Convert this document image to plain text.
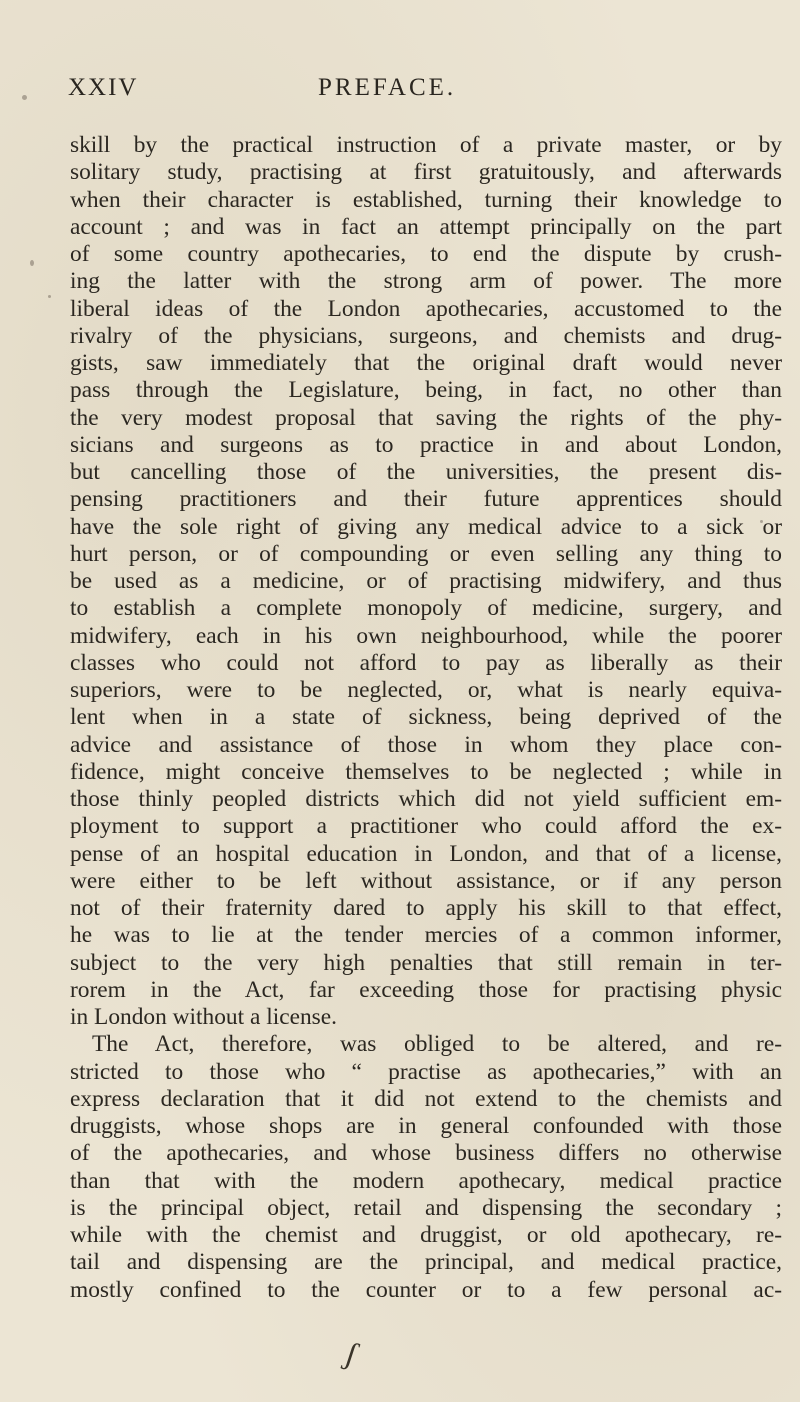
XXIV	PREFACE.
skill by the practical instruction of a private master, or by
solitary study, practising at first gratuitously, and afterwards
when their character is established, turning their knowledge to
account ; and was in fact an attempt principally on the part
of some country apothecaries, to end the dispute by crush-
ing the latter with the strong arm of power. The more
liberal ideas of the London apothecaries, accustomed to the
rivalry of the physicians, surgeons, and chemists and drug-
gists, saw immediately that the original draft would never
pass through the Legislature, being, in fact, no other than
the very modest proposal that saving the rights of the phy-
sicians and surgeons as to practice in and about London,
but cancelling those of the universities, the present dis-
pensing practitioners and their future apprentices should
have the sole right of giving any medical advice to a sick or
hurt person, or of compounding or even selling any thing to
be used as a medicine, or of practising midwifery, and thus
to establish a complete monopoly of medicine, surgery, and
midwifery, each in his own neighbourhood, while the poorer
classes who could not afford to pay as liberally as their
superiors, were to be neglected, or, what is nearly equiva-
lent when in a state of sickness, being deprived of the
advice and assistance of those in whom they place con-
fidence, might conceive themselves to be neglected ; while in
those thinly peopled districts which did not yield sufficient em-
ployment to support a practitioner who could afford the ex-
pense of an hospital education in London, and that of a license,
were either to be left without assistance, or if any person
not of their fraternity dared to apply his skill to that effect,
he was to lie at the tender mercies of a common informer,
subject to the very high penalties that still remain in ter-
rorem in the Act, far exceeding those for practising physic
in London without a license.
The Act, therefore, was obliged to be altered, and re-
stricted to those who “ practise as apothecaries,” with an
express declaration that it did not extend to the chemists and
druggists, whose shops are in general confounded with those
of the apothecaries, and whose business differs no otherwise
than that with the modern apothecary, medical practice
is the principal object, retail and dispensing the secondary ;
while with the chemist and druggist, or old apothecary, re-
tail and dispensing are the principal, and medical practice,
mostly confined to the counter or to a few personal ac-
ʃ
